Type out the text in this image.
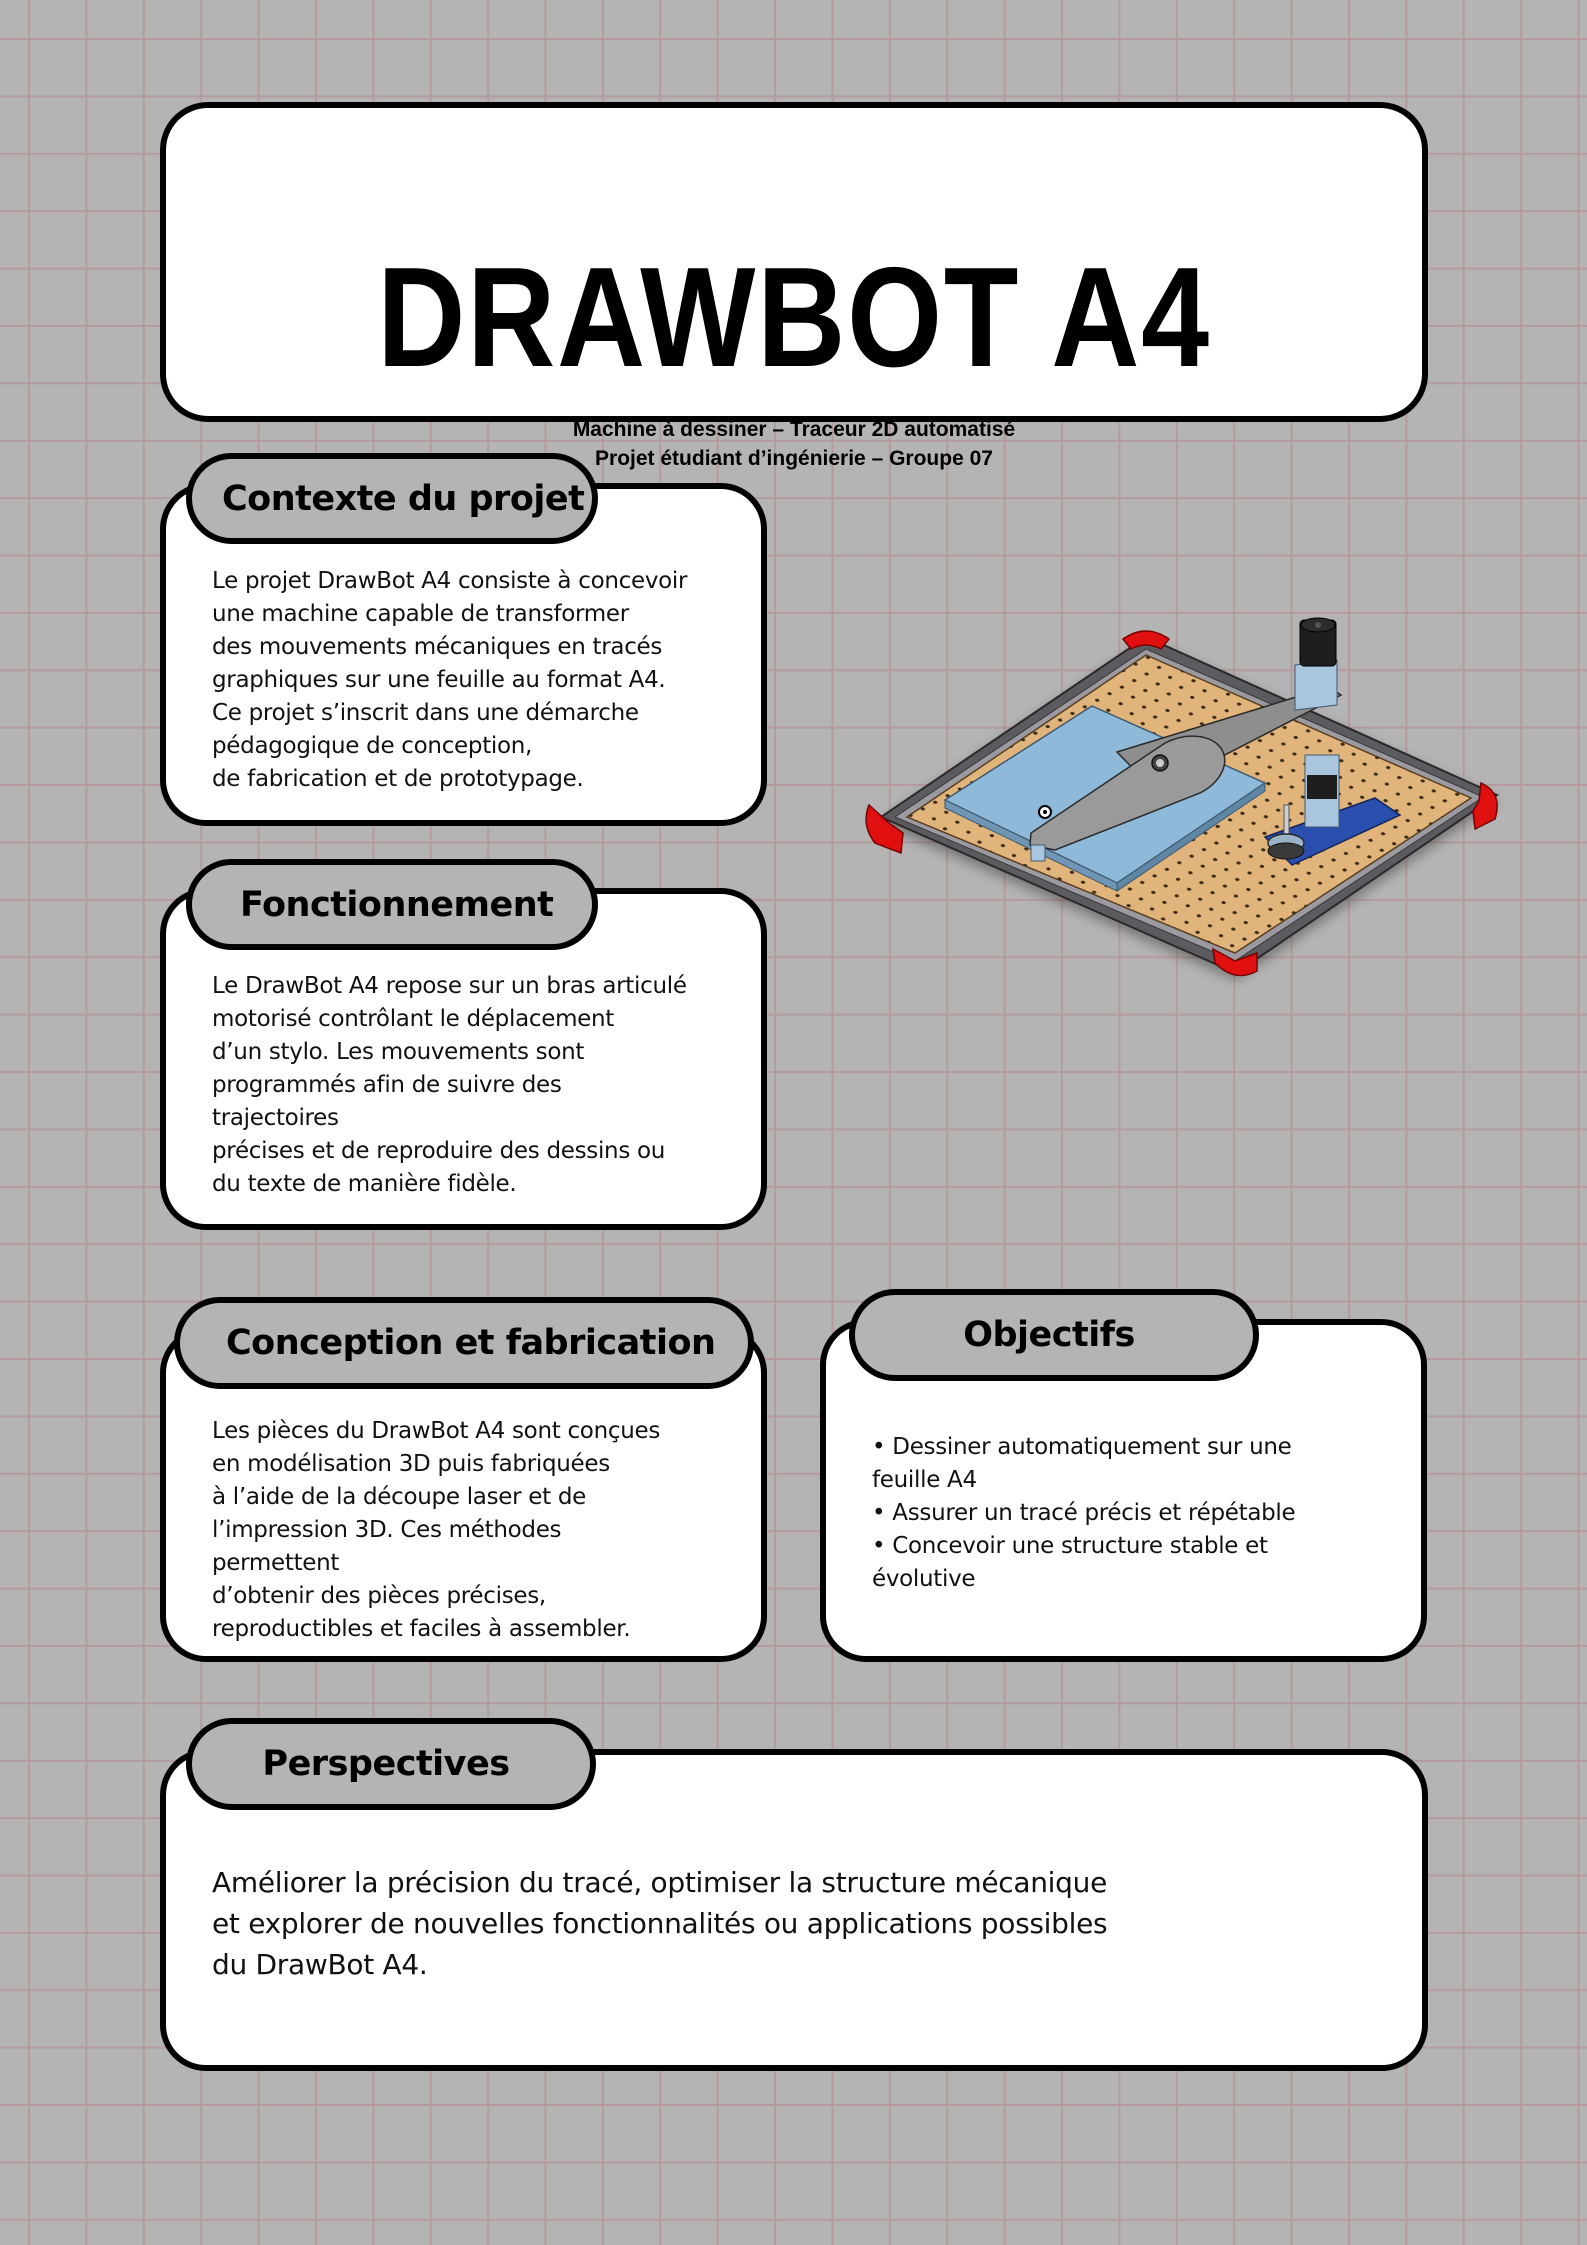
DRAWBOT A4
Machine à dessiner – Traceur 2D automatisé
Projet étudiant d’ingénierie – Groupe 07
Contexte du projet
Le projet DrawBot A4 consiste à concevoir
une machine capable de transformer
des mouvements mécaniques en tracés
graphiques sur une feuille au format A4.
Ce projet s’inscrit dans une démarche
pédagogique de conception,
de fabrication et de prototypage.
Fonctionnement
Le DrawBot A4 repose sur un bras articulé
motorisé contrôlant le déplacement
d’un stylo. Les mouvements sont
programmés afin de suivre des
trajectoires
précises et de reproduire des dessins ou
du texte de manière fidèle.
Conception et fabrication
Les pièces du DrawBot A4 sont conçues
en modélisation 3D puis fabriquées
à l’aide de la découpe laser et de
l’impression 3D. Ces méthodes
permettent
d’obtenir des pièces précises,
reproductibles et faciles à assembler.
Objectifs
• Dessiner automatiquement sur une
feuille A4
• Assurer un tracé précis et répétable
• Concevoir une structure stable et
évolutive
Perspectives
Améliorer la précision du tracé, optimiser la structure mécanique
et explorer de nouvelles fonctionnalités ou applications possibles
du DrawBot A4.
